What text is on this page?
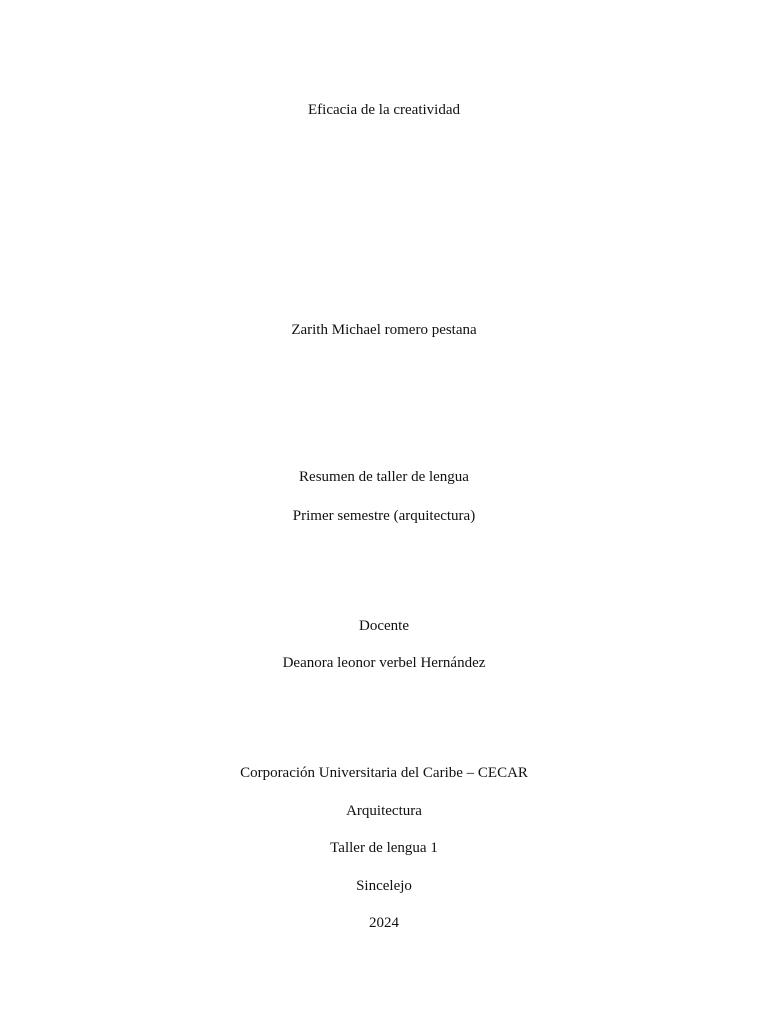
Eficacia de la creatividad
Zarith Michael romero pestana
Resumen de taller de lengua
Primer semestre (arquitectura)
Docente
Deanora leonor verbel Hernández
Corporación Universitaria del Caribe – CECAR
Arquitectura
Taller de lengua 1
Sincelejo
2024
